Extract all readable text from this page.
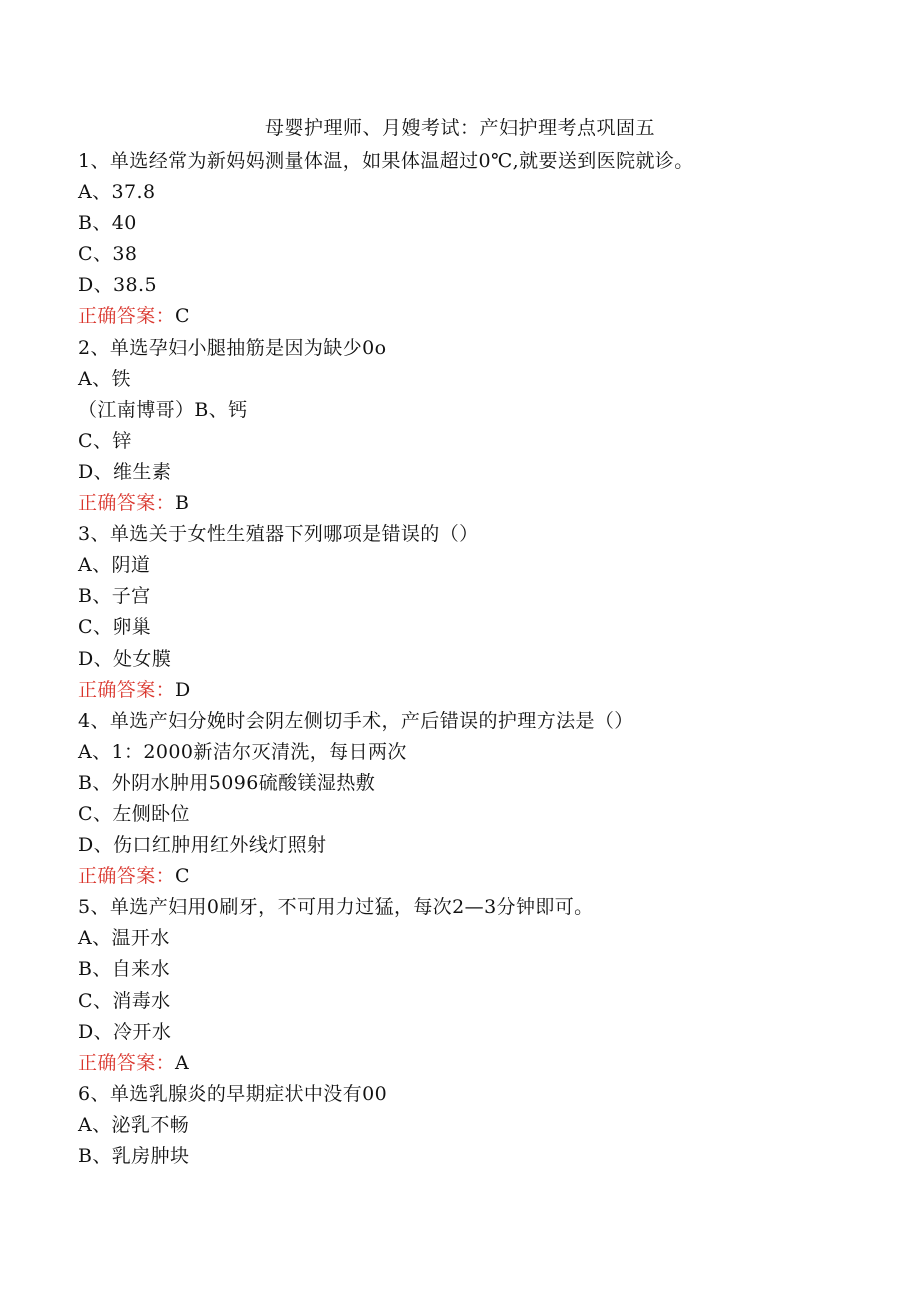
母婴护理师、月嫂考试：产妇护理考点巩固五
1、单选经常为新妈妈测量体温，如果体温超过0℃,就要送到医院就诊。
A、37.8
B、40
C、38
D、38.5
正确答案：C
2、单选孕妇小腿抽筋是因为缺少0o
A、铁
（江南博哥）B、钙
C、锌
D、维生素
正确答案：B
3、单选关于女性生殖器下列哪项是错误的（）
A、阴道
B、子宫
C、卵巢
D、处女膜
正确答案：D
4、单选产妇分娩时会阴左侧切手术，产后错误的护理方法是（）
A、1：2000新洁尔灭清洗，每日两次
B、外阴水肿用5096硫酸镁湿热敷
C、左侧卧位
D、伤口红肿用红外线灯照射
正确答案：C
5、单选产妇用0刷牙，不可用力过猛，每次2—3分钟即可。
A、温开水
B、自来水
C、消毒水
D、冷开水
正确答案：A
6、单选乳腺炎的早期症状中没有00
A、泌乳不畅
B、乳房肿块
